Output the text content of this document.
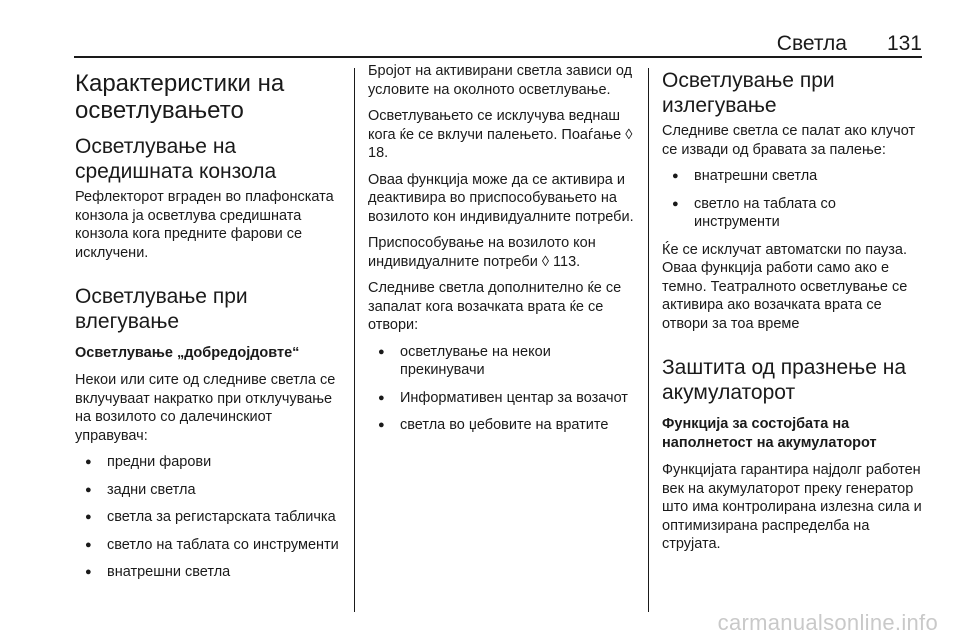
Светла 131
Карактеристики на осветлувањето
Осветлување на средишната конзола

Рефлекторот вграден во плафонската конзола ја осветлува средишната конзола кога предните фарови се исклучени.

Осветлување при влегување
Осветлување „добредојдовте“

Некои или сите од следниве светла се вклучуваат накратко при отклучување на возилото со далечинскиот управувач:

● предни фарови
● задни светла
● светла за регистарската табличка
● светло на таблата со инструменти
● внатрешни светла

Бројот на активирани светла зависи од условите на околното осветлување.

Осветлувањето се исклучува веднаш кога ќе се вклучи палењето. Поаѓање ◊ 18.

Оваа функција може да се активира и деактивира во приспособувањето на возилото кон индивидуалните потреби.

Приспособување на возилото кон индивидуалните потреби ◊ 113.

Следниве светла дополнително ќе се запалат кога возачката врата ќе се отвори:

● осветлување на некои прекинувачи
● Информативен центар за возачот
● светла во џебовите на вратите
Осветлување при излегување

Следниве светла се палат ако клучот се извади од бравата за палење:

● внатрешни светла
● светло на таблата со инструменти

Ќе се исклучат автоматски по пауза. Оваа функција работи само ако е темно. Театралното осветлување се активира ако возачката врата се отвори за тоа време

Заштита од празнење на акумулаторот
Функција за состојбата на наполнетост на акумулаторот

Функцијата гарантира најдолг работен век на акумулаторот преку генератор што има контролирана излезна сила и оптимизирана распределба на струјата.

carmanualsonline.info
